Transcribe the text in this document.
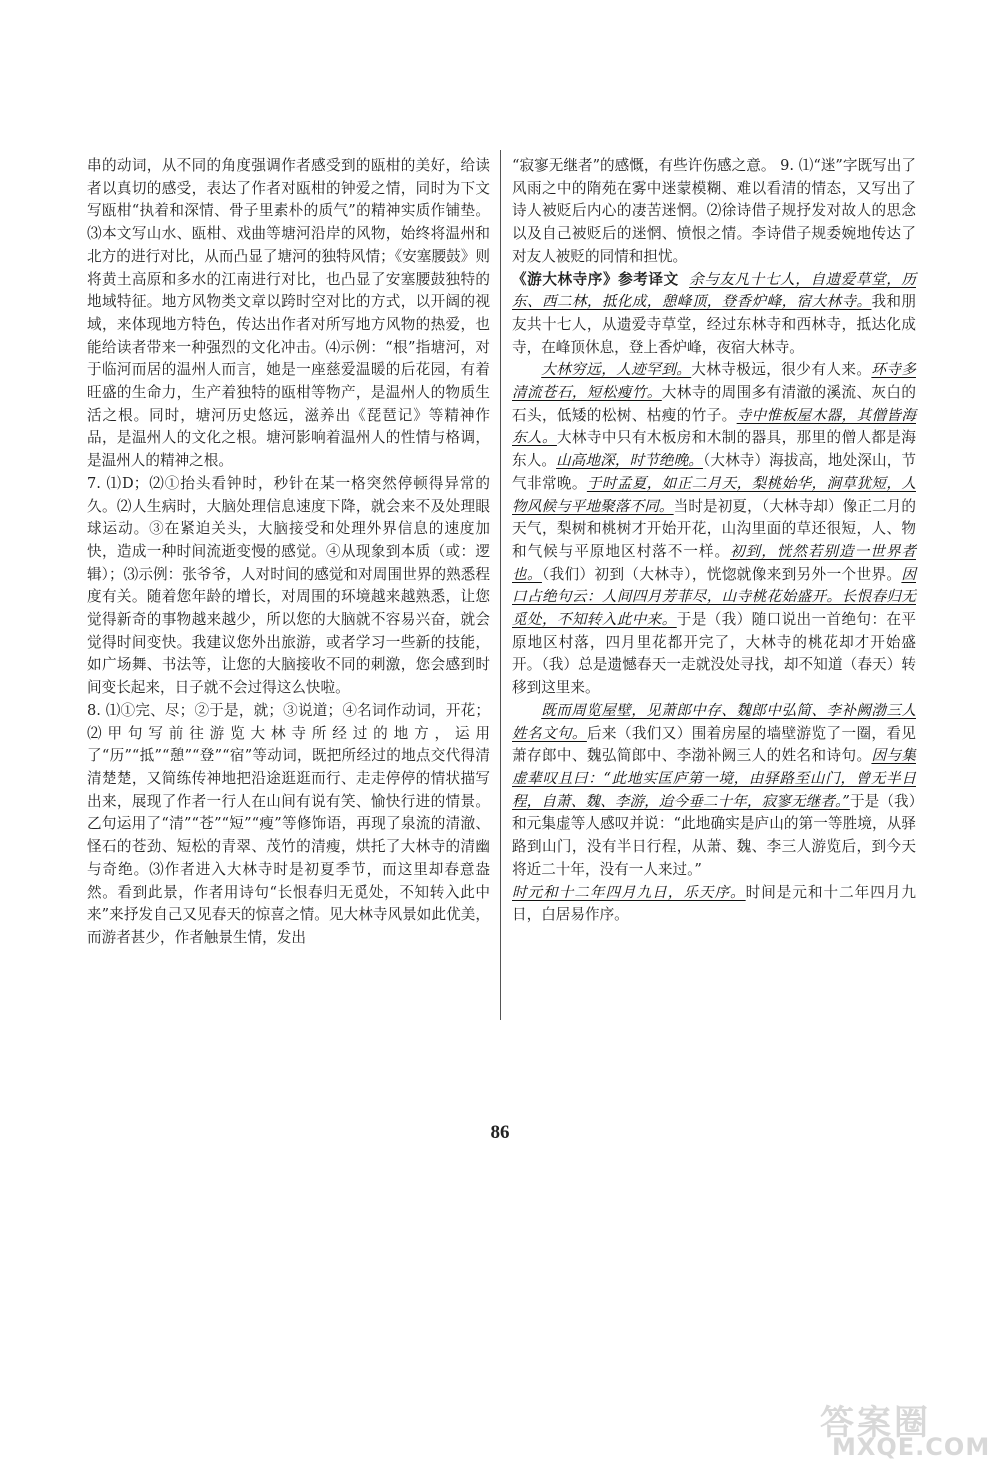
串的动词，从不同的角度强调作者感受到的瓯柑的美好，给读者以真切的感受，表达了作者对瓯柑的钟爱之情，同时为下文写瓯柑“执着和深情、骨子里素朴的质气”的精神实质作铺垫。⑶本文写山水、瓯柑、戏曲等塘河沿岸的风物，始终将温州和北方的进行对比，从而凸显了塘河的独特风情；《安塞腰鼓》则将黄土高原和多水的江南进行对比，也凸显了安塞腰鼓独特的地域特征。地方风物类文章以跨时空对比的方式，以开阔的视域，来体现地方特色，传达出作者对所写地方风物的热爱，也能给读者带来一种强烈的文化冲击。⑷示例：“根”指塘河，对于临河而居的温州人而言，她是一座慈爱温暖的后花园，有着旺盛的生命力，生产着独特的瓯柑等物产，是温州人的物质生活之根。同时，塘河历史悠远，滋养出《琵琶记》等精神作品，是温州人的文化之根。塘河影响着温州人的性情与格调，是温州人的精神之根。

7. ⑴D；⑵①抬头看钟时，秒针在某一格突然停顿得异常的久。⑵人生病时，大脑处理信息速度下降，就会来不及处理眼球运动。③在紧迫关头，大脑接受和处理外界信息的速度加快，造成一种时间流逝变慢的感觉。④从现象到本质（或：逻辑）；⑶示例：张爷爷，人对时间的感觉和对周围世界的熟悉程度有关。随着您年龄的增长，对周围的环境越来越熟悉，让您觉得新奇的事物越来越少，所以您的大脑就不容易兴奋，就会觉得时间变快。我建议您外出旅游，或者学习一些新的技能，如广场舞、书法等，让您的大脑接收不同的刺激，您会感到时间变长起来，日子就不会过得这么快啦。

8. ⑴①完、尽；②于是，就；③说道；④名词作动词，开花；⑵甲句写前往游览大林寺所经过的地方，运用了“历”“抵”“憩”“登”“宿”等动词，既把所经过的地点交代得清清楚楚，又简练传神地把沿途逛逛而行、走走停停的情状描写出来，展现了作者一行人在山间有说有笑、愉快行进的情景。乙句运用了“清”“苍”“短”“瘦”等修饰语，再现了泉流的清澈、怪石的苍劲、短松的青翠、茂竹的清瘦，烘托了大林寺的清幽与奇绝。⑶作者进入大林寺时是初夏季节，而这里却春意盎然。看到此景，作者用诗句“长恨春归无觅处，不知转入此中来”来抒发自己又见春天的惊喜之情。见大林寺风景如此优美，而游者甚少，作者触景生情，发出

“寂寥无继者”的感慨，有些许伤感之意。 9. ⑴“迷”字既写出了风雨之中的隋苑在雾中迷蒙模糊、难以看清的情态，又写出了诗人被贬后内心的凄苦迷惘。⑵徐诗借子规抒发对故人的思念以及自己被贬后的迷惘、愤恨之情。李诗借子规委婉地传达了对友人被贬的同情和担忧。

《游大林寺序》参考译文 余与友凡十七人，自遗爱草堂，历东、西二林，抵化成，憩峰顶，登香炉峰，宿大林寺。我和朋友共十七人，从遗爱寺草堂，经过东林寺和西林寺，抵达化成寺，在峰顶休息，登上香炉峰，夜宿大林寺。

大林穷远，人迹罕到。大林寺极远，很少有人来。环寺多清流苍石，短松瘦竹。大林寺的周围多有清澈的溪流、灰白的石头，低矮的松树、枯瘦的竹子。寺中惟板屋木器，其僧皆海东人。大林寺中只有木板房和木制的器具，那里的僧人都是海东人。山高地深，时节绝晚。（大林寺）海拔高，地处深山，节气非常晚。于时孟夏，如正二月天，梨桃始华，涧草犹短，人物风候与平地聚落不同。当时是初夏，（大林寺却）像正二月的天气，梨树和桃树才开始开花，山沟里面的草还很短，人、物和气候与平原地区村落不一样。初到，恍然若别造一世界者也。（我们）初到（大林寺），恍惚就像来到另外一个世界。因口占绝句云：人间四月芳菲尽，山寺桃花始盛开。长恨春归无觅处，不知转入此中来。于是（我）随口说出一首绝句：在平原地区村落，四月里花都开完了，大林寺的桃花却才开始盛开。（我）总是遗憾春天一走就没处寻找，却不知道（春天）转移到这里来。

既而周览屋壁，见萧郎中存、魏郎中弘简、李补阙渤三人姓名文句。后来（我们又）围着房屋的墙壁游览了一圈，看见萧存郎中、魏弘简郎中、李渤补阙三人的姓名和诗句。因与集虚辈叹且曰：“此地实匡庐第一境，由驿路至山门，曾无半日程，自萧、魏、李游，迨今垂二十年，寂寥无继者。”于是（我）和元集虚等人感叹并说：“此地确实是庐山的第一等胜境，从驿路到山门，没有半日行程，从萧、魏、李三人游览后，到今天将近二十年，没有一人来过。”

时元和十二年四月九日，乐天序。时间是元和十二年四月九日，白居易作序。

86
答案圈
MXQE.COM
